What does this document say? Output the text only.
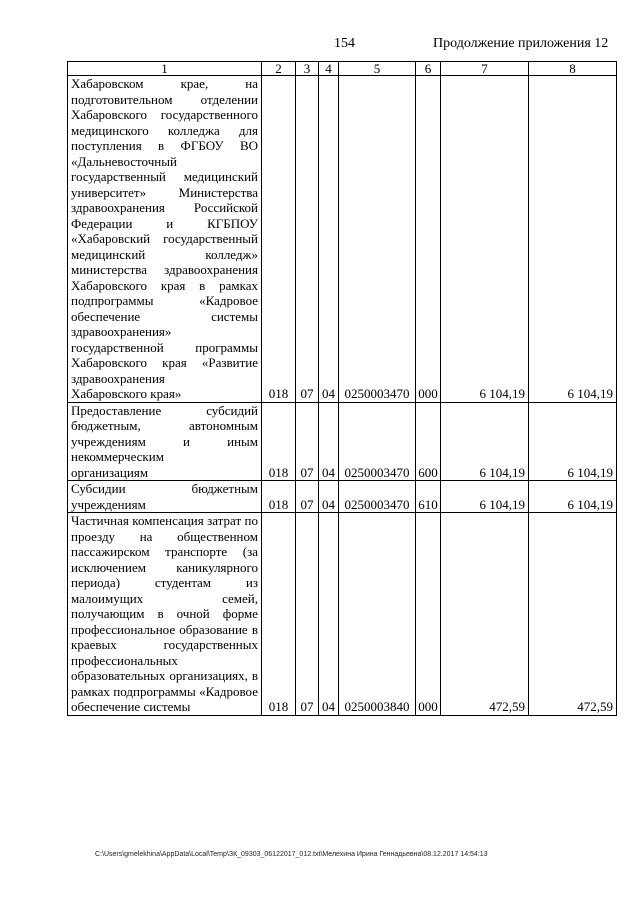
154	Продолжение приложения 12
1	2	3	4	5	6	7	8
Хабаровском крае, на подготовительном отделении Хабаровского государственного медицинского колледжа для поступления в ФГБОУ ВО «Дальневосточный государственный медицинский университет» Министерства здравоохранения Российской Федерации и КГБПОУ «Хабаровский государственный медицинский колледж» министерства здравоохранения Хабаровского края в рамках подпрограммы «Кадровое обеспечение системы здравоохранения» государственной программы Хабаровского края «Развитие здравоохранения
Хабаровского края»	018	07	04	0250003470	000	6 104,19	6 104,19
Предоставление субсидий бюджетным, автономным учреждениям и иным некоммерческим
организациям	018	07	04	0250003470	600	6 104,19	6 104,19
Субсидии бюджетным
учреждениям	018	07	04	0250003470	610	6 104,19	6 104,19
Частичная компенсация затрат по проезду на общественном пассажирском транспорте (за исключением каникулярного периода) студентам из малоимущих семей, получающим в очной форме профессиональное образование в краевых государственных профессиональных образовательных организациях, в рамках подпрограммы «Кадровое
обеспечение системы	018	07	04	0250003840	000	472,59	472,59
C:\Users\gmelekhina\AppData\Local\Temp\ЗК_09303_06122017_012.txt\Мелехина Ирина Геннадьевна\08.12.2017 14:54:13
